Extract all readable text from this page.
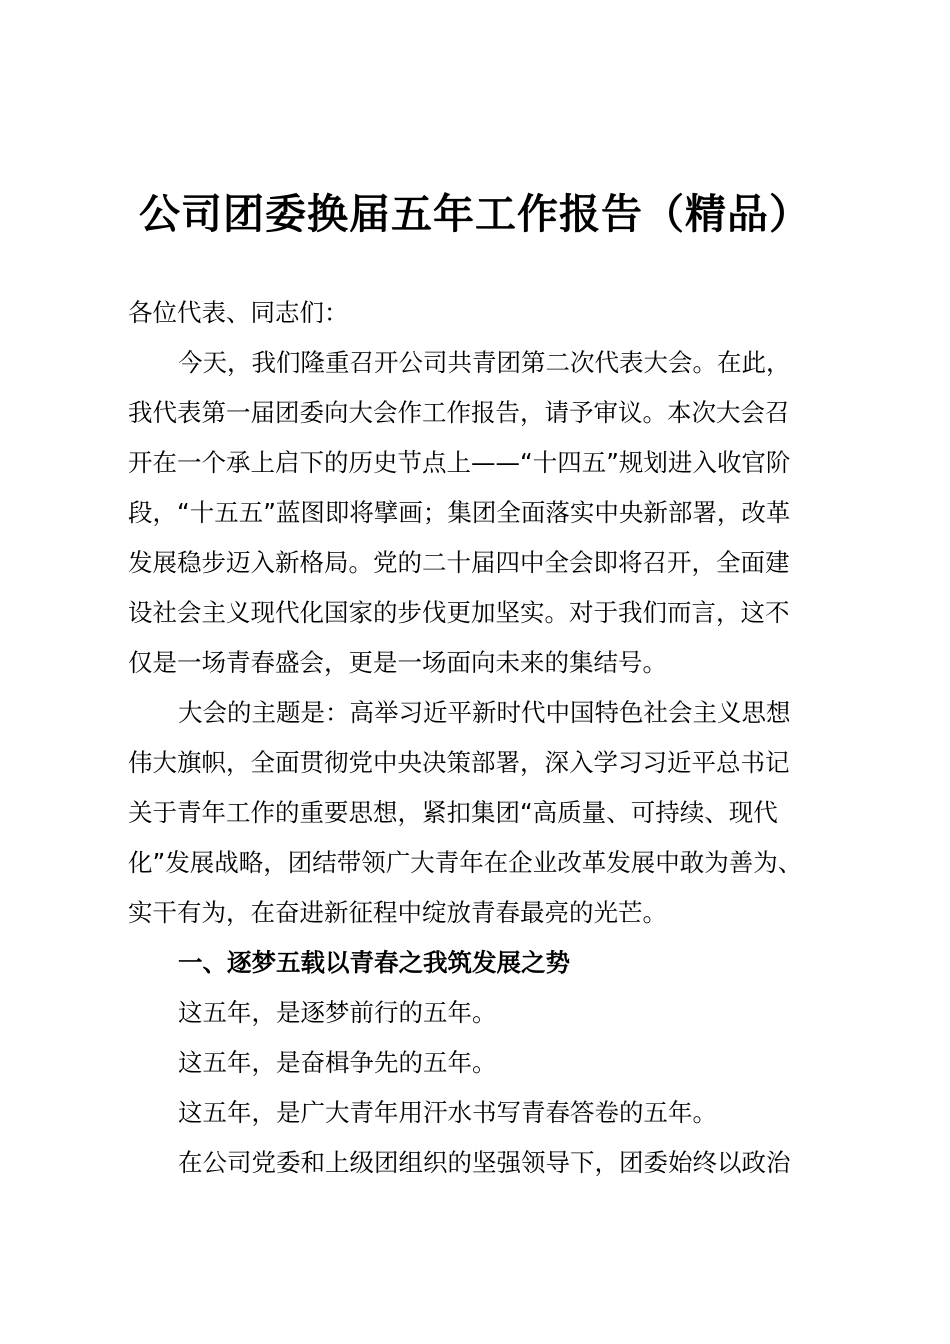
公司团委换届五年工作报告（精品）
各位代表、同志们：
今天，我们隆重召开公司共青团第二次代表大会。在此，
我代表第一届团委向大会作工作报告，请予审议。本次大会召
开在一个承上启下的历史节点上——“十四五”规划进入收官阶
段，“十五五”蓝图即将擘画；集团全面落实中央新部署，改革
发展稳步迈入新格局。党的二十届四中全会即将召开，全面建
设社会主义现代化国家的步伐更加坚实。对于我们而言，这不
仅是一场青春盛会，更是一场面向未来的集结号。
大会的主题是：高举习近平新时代中国特色社会主义思想
伟大旗帜，全面贯彻党中央决策部署，深入学习习近平总书记
关于青年工作的重要思想，紧扣集团“高质量、可持续、现代
化”发展战略，团结带领广大青年在企业改革发展中敢为善为、
实干有为，在奋进新征程中绽放青春最亮的光芒。
一、逐梦五载以青春之我筑发展之势
这五年，是逐梦前行的五年。
这五年，是奋楫争先的五年。
这五年，是广大青年用汗水书写青春答卷的五年。
在公司党委和上级团组织的坚强领导下，团委始终以政治
